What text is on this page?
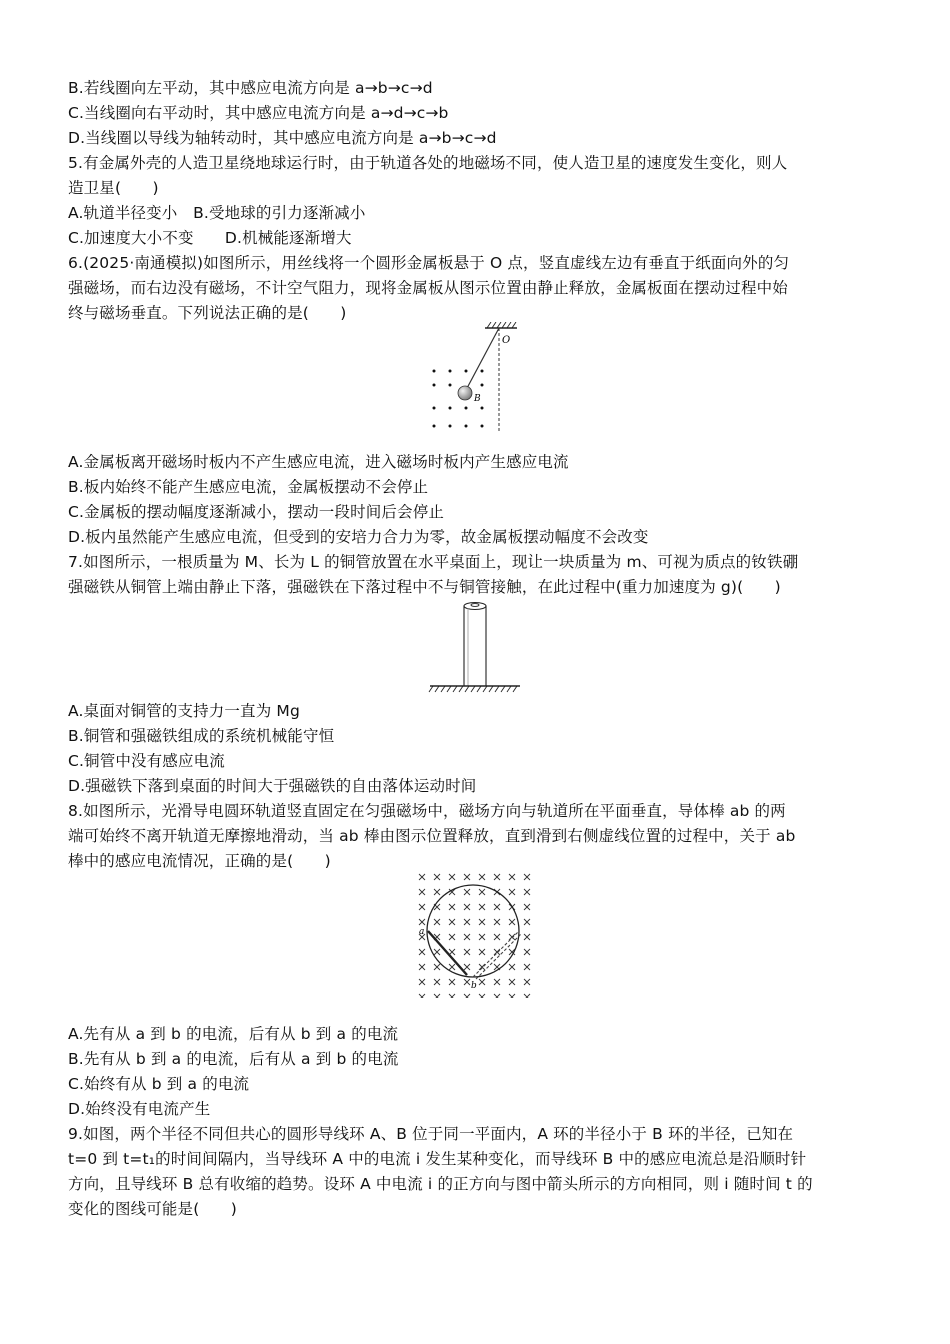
B.若线圈向左平动，其中感应电流方向是 a→b→c→d
C.当线圈向右平动时，其中感应电流方向是 a→d→c→b
D.当线圈以导线为轴转动时，其中感应电流方向是 a→b→c→d
5.有金属外壳的人造卫星绕地球运行时，由于轨道各处的地磁场不同，使人造卫星的速度发生变化，则人
造卫星(　　)
A.轨道半径变小　B.受地球的引力逐渐减小
C.加速度大小不变　　D.机械能逐渐增大
6.(2025·南通模拟)如图所示，用丝线将一个圆形金属板悬于 O 点，竖直虚线左边有垂直于纸面向外的匀
强磁场，而右边没有磁场，不计空气阻力，现将金属板从图示位置由静止释放，金属板面在摆动过程中始
终与磁场垂直。下列说法正确的是(　　)
O
B
A.金属板离开磁场时板内不产生感应电流，进入磁场时板内产生感应电流
B.板内始终不能产生感应电流，金属板摆动不会停止
C.金属板的摆动幅度逐渐减小，摆动一段时间后会停止
D.板内虽然能产生感应电流，但受到的安培力合力为零，故金属板摆动幅度不会改变
7.如图所示，一根质量为 M、长为 L 的铜管放置在水平桌面上，现让一块质量为 m、可视为质点的钕铁硼
强磁铁从铜管上端由静止下落，强磁铁在下落过程中不与铜管接触，在此过程中(重力加速度为 g)(　　)
A.桌面对铜管的支持力一直为 Mg
B.铜管和强磁铁组成的系统机械能守恒
C.铜管中没有感应电流
D.强磁铁下落到桌面的时间大于强磁铁的自由落体运动时间
8.如图所示，光滑导电圆环轨道竖直固定在匀强磁场中，磁场方向与轨道所在平面垂直，导体棒 ab 的两
端可始终不离开轨道无摩擦地滑动，当 ab 棒由图示位置释放，直到滑到右侧虚线位置的过程中，关于 ab
棒中的感应电流情况，正确的是(　　)
a
b
A.先有从 a 到 b 的电流，后有从 b 到 a 的电流
B.先有从 b 到 a 的电流，后有从 a 到 b 的电流
C.始终有从 b 到 a 的电流
D.始终没有电流产生
9.如图，两个半径不同但共心的圆形导线环 A、B 位于同一平面内，A 环的半径小于 B 环的半径，已知在
t=0 到 t=t₁的时间间隔内，当导线环 A 中的电流 i 发生某种变化，而导线环 B 中的感应电流总是沿顺时针
方向，且导线环 B 总有收缩的趋势。设环 A 中电流 i 的正方向与图中箭头所示的方向相同，则 i 随时间 t 的
变化的图线可能是(　　)
